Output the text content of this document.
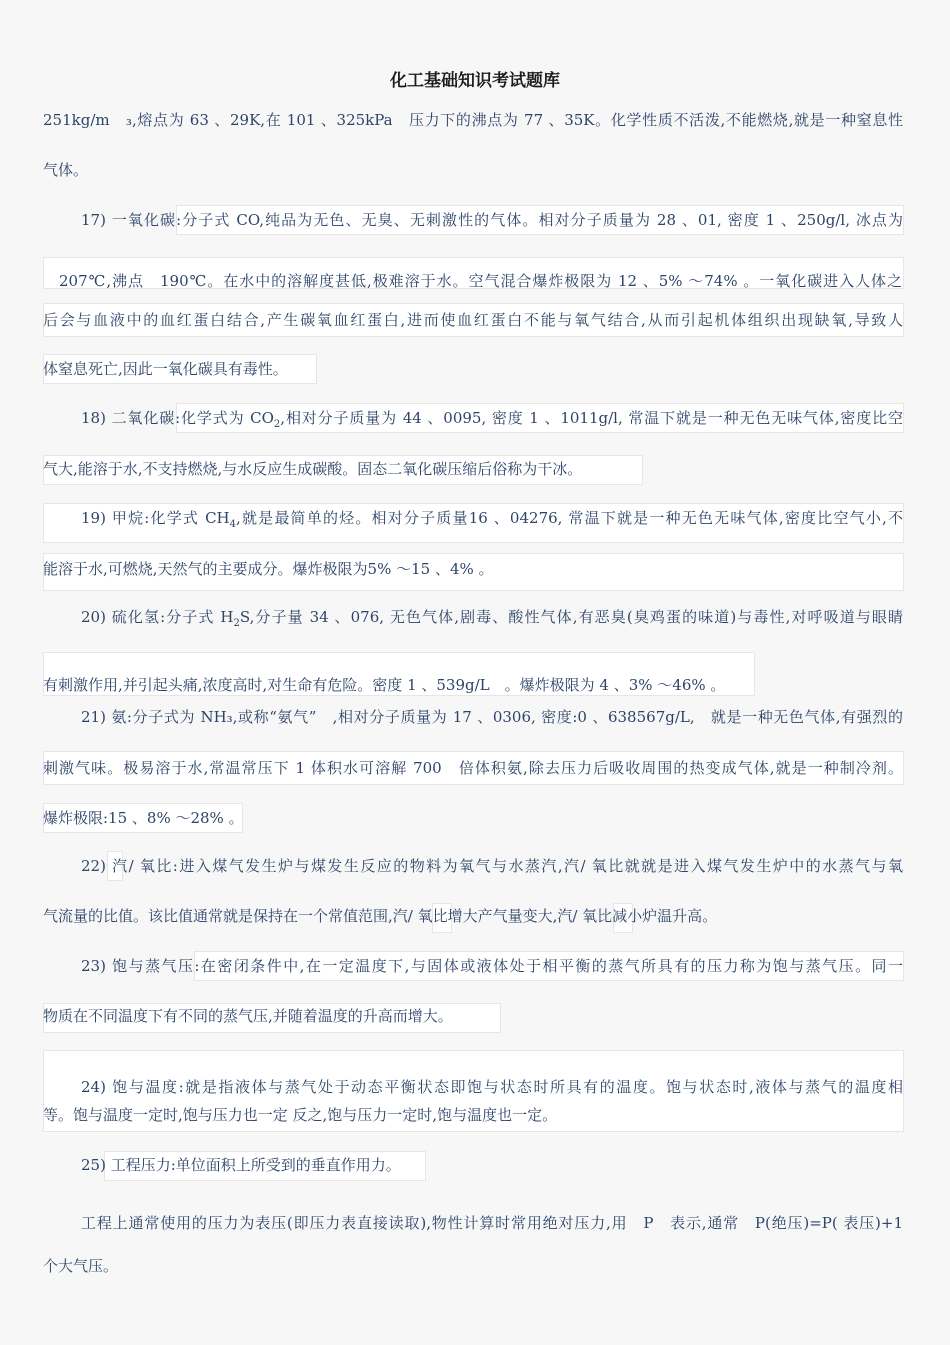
化工基础知识考试题库
251kg/m　₃,熔点为 63 、29K,在 101 、325kPa　压力下的沸点为 77 、35K。化学性质不活泼,不能燃烧,就是一种窒息性
气体。
17) 一氧化碳:分子式 CO,纯品为无色、无臭、无刺激性的气体。相对分子质量为 28 、01, 密度 1 、250g/l, 冰点为
207℃,沸点　190℃。在水中的溶解度甚低,极难溶于水。空气混合爆炸极限为 12 、5% ～74% 。一氧化碳进入人体之
后会与血液中的血红蛋白结合,产生碳氧血红蛋白,进而使血红蛋白不能与氧气结合,从而引起机体组织出现缺氧,导致人
体窒息死亡,因此一氧化碳具有毒性。
18) 二氧化碳:化学式为 $CO_2$,相对分子质量为 44 、0095, 密度 1 、1011g/l, 常温下就是一种无色无味气体,密度比空
气大,能溶于水,不支持燃烧,与水反应生成碳酸。固态二氧化碳压缩后俗称为干冰。
19) 甲烷:化学式 $CH_4$,就是最简单的烃。相对分子质量16 、04276, 常温下就是一种无色无味气体,密度比空气小,不
能溶于水,可燃烧,天然气的主要成分。爆炸极限为5% ～15 、4% 。
20) 硫化氢:分子式 $H_2S$,分子量 34 、076, 无色气体,剧毒、酸性气体,有恶臭(臭鸡蛋的味道)与毒性,对呼吸道与眼睛
有刺激作用,并引起头痛,浓度高时,对生命有危险。密度 1 、539g/L　。爆炸极限为 4 、3% ～46% 。
21) 氨:分子式为 NH₃,或称“氨气”　,相对分子质量为 17 、0306, 密度:0 、638567g/L,　就是一种无色气体,有强烈的
刺激气味。极易溶于水,常温常压下 1 体积水可溶解 700　倍体积氨,除去压力后吸收周围的热变成气体,就是一种制冷剂。
爆炸极限:15 、8% ～28% 。
22) 汽/ 氧比:进入煤气发生炉与煤发生反应的物料为氧气与水蒸汽,汽/ 氧比就就是进入煤气发生炉中的水蒸气与氧
气流量的比值。该比值通常就是保持在一个常值范围,汽/ 氧比增大产气量变大,汽/ 氧比减小炉温升高。
23) 饱与蒸气压:在密闭条件中,在一定温度下,与固体或液体处于相平衡的蒸气所具有的压力称为饱与蒸气压。同一
物质在不同温度下有不同的蒸气压,并随着温度的升高而增大。
24) 饱与温度:就是指液体与蒸气处于动态平衡状态即饱与状态时所具有的温度。饱与状态时,液体与蒸气的温度相
等。饱与温度一定时,饱与压力也一定 反之,饱与压力一定时,饱与温度也一定。
25) 工程压力:单位面积上所受到的垂直作用力。
工程上通常使用的压力为表压(即压力表直接读取),物性计算时常用绝对压力,用　P　表示,通常　P(绝压)=P( 表压)+1
个大气压。
